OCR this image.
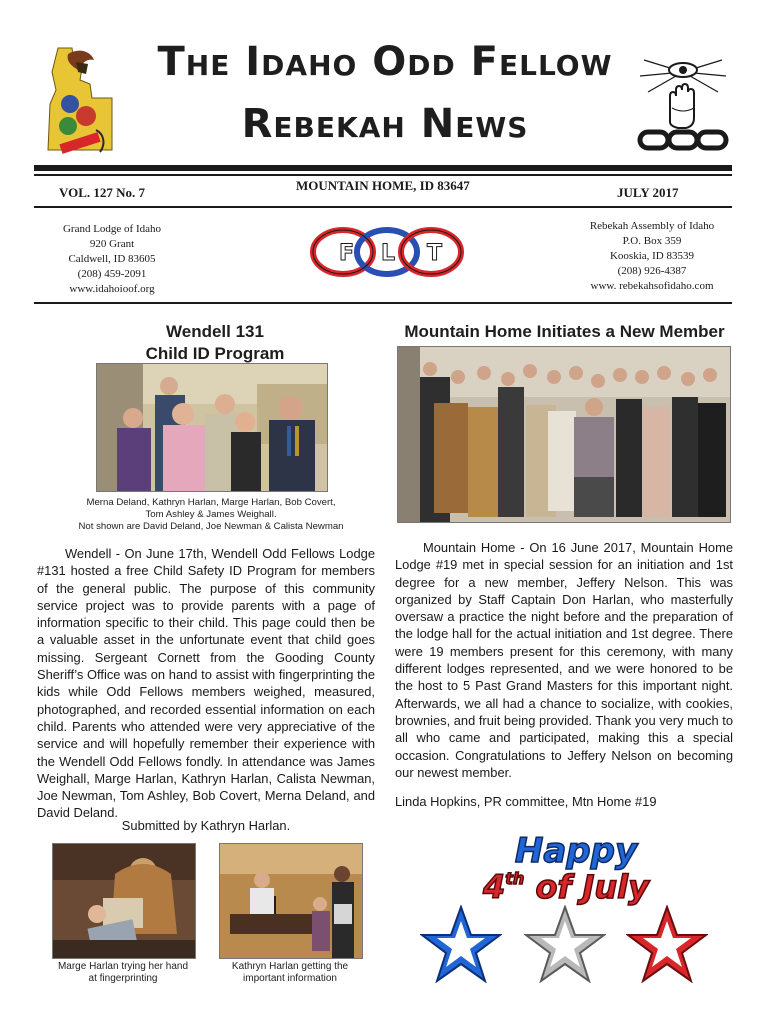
The Idaho Odd Fellow
Rebekah News
VOL. 127 No. 7	MOUNTAIN HOME, ID 83647	JULY 2017
Grand Lodge of Idaho
920 Grant
Caldwell, ID 83605
(208) 459-2091
www.idahoioof.org
F L T
Rebekah Assembly of Idaho
P.O. Box 359
Kooskia, ID 83539
(208) 926-4387
www. rebekahsofidaho.com
Wendell 131
Child ID Program
Merna Deland, Kathryn Harlan, Marge Harlan, Bob Covert,
Tom Ashley & James Weighall.
Not shown are David Deland, Joe Newman & Calista Newman
Wendell - On June 17th, Wendell Odd Fellows Lodge #131 hosted a free Child Safety ID Program for members of the general public. The purpose of this community service project was to provide parents with a page of information specific to their child. This page could then be a valuable asset in the unfortunate event that child goes missing. Sergeant Cornett from the Gooding County Sheriff’s Office was on hand to assist with fingerprinting the kids while Odd Fellows members weighed, measured, photographed, and recorded essential information on each child. Parents who attended were very appreciative of the service and will hopefully remember their experience with the Wendell Odd Fellows fondly. In attendance was James Weighall, Marge Harlan, Kathryn Harlan, Calista Newman, Joe Newman, Tom Ashley, Bob Covert, Merna Deland, and David Deland.
Submitted by Kathryn Harlan.
Marge Harlan trying her hand
at fingerprinting
Kathryn Harlan getting the
important information
Mountain Home Initiates a New Member
Mountain Home - On 16 June 2017, Mountain Home Lodge #19 met in special session for an initiation and 1st degree for a new member, Jeffery Nelson. This was organized by Staff Captain Don Harlan, who masterfully oversaw a practice the night before and the preparation of the lodge hall for the actual initiation and 1st degree. There were 19 members present for this ceremony, with many different lodges represented, and we were honored to be the host to 5 Past Grand Masters for this important night. Afterwards, we all had a chance to socialize, with cookies, brownies, and fruit being provided. Thank you very much to all who came and participated, making this a special occasion. Congratulations to Jeffery Nelson on becoming our newest member.
Linda Hopkins, PR committee, Mtn Home #19
Happy
4th of July
